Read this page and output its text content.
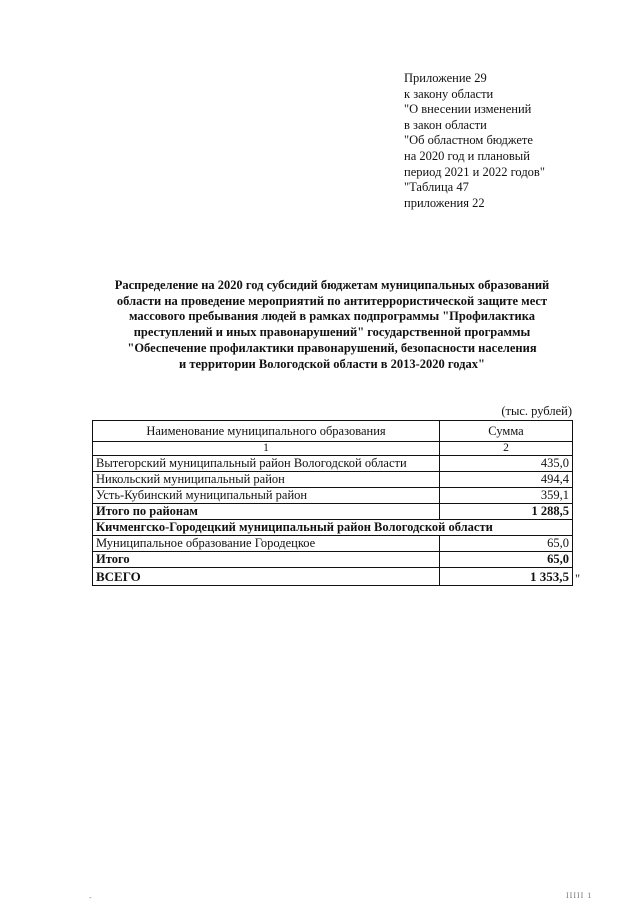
Приложение 29
к закону области
"О внесении изменений
в закон области
"Об областном бюджете
на 2020 год и плановый
период 2021 и 2022 годов"
"Таблица 47
приложения 22
Распределение на 2020 год субсидий бюджетам муниципальных образований
области на проведение мероприятий по антитеррористической защите мест
массового пребывания людей в рамках подпрограммы "Профилактика
преступлений и иных правонарушений" государственной программы
"Обеспечение профилактики правонарушений, безопасности населения
и территории Вологодской области в 2013-2020 годах"
(тыс. рублей)
Наименование муниципального образования	Сумма
1	2
Вытегорский муниципальный район Вологодской области	435,0
Никольский муниципальный район	494,4
Усть-Кубинский муниципальный район	359,1
Итого по районам	1 288,5
Кичменгско-Городецкий муниципальный район Вологодской области	
Муниципальное образование Городецкое	65,0
Итого	65,0
ВСЕГО	1 353,5 "
-	IIIII 1
